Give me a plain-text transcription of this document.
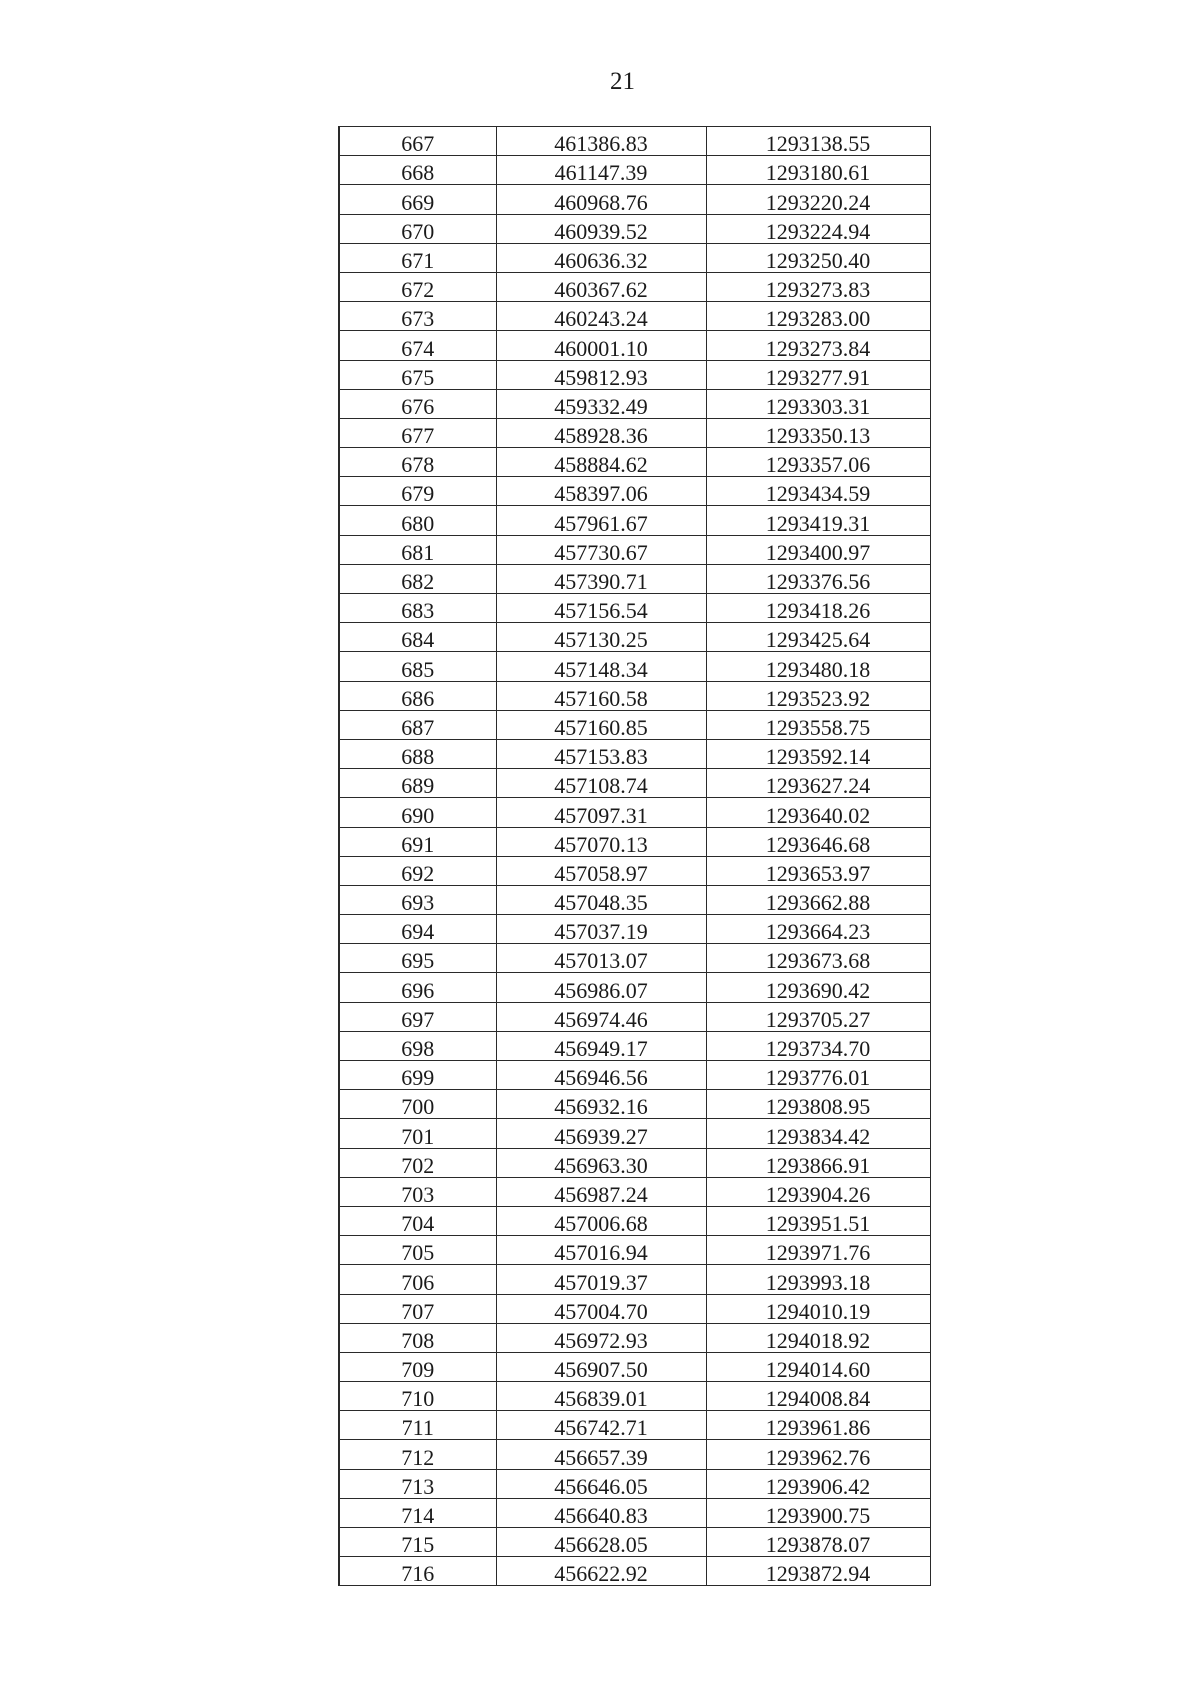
21
667	461386.83	1293138.55
668	461147.39	1293180.61
669	460968.76	1293220.24
670	460939.52	1293224.94
671	460636.32	1293250.40
672	460367.62	1293273.83
673	460243.24	1293283.00
674	460001.10	1293273.84
675	459812.93	1293277.91
676	459332.49	1293303.31
677	458928.36	1293350.13
678	458884.62	1293357.06
679	458397.06	1293434.59
680	457961.67	1293419.31
681	457730.67	1293400.97
682	457390.71	1293376.56
683	457156.54	1293418.26
684	457130.25	1293425.64
685	457148.34	1293480.18
686	457160.58	1293523.92
687	457160.85	1293558.75
688	457153.83	1293592.14
689	457108.74	1293627.24
690	457097.31	1293640.02
691	457070.13	1293646.68
692	457058.97	1293653.97
693	457048.35	1293662.88
694	457037.19	1293664.23
695	457013.07	1293673.68
696	456986.07	1293690.42
697	456974.46	1293705.27
698	456949.17	1293734.70
699	456946.56	1293776.01
700	456932.16	1293808.95
701	456939.27	1293834.42
702	456963.30	1293866.91
703	456987.24	1293904.26
704	457006.68	1293951.51
705	457016.94	1293971.76
706	457019.37	1293993.18
707	457004.70	1294010.19
708	456972.93	1294018.92
709	456907.50	1294014.60
710	456839.01	1294008.84
711	456742.71	1293961.86
712	456657.39	1293962.76
713	456646.05	1293906.42
714	456640.83	1293900.75
715	456628.05	1293878.07
716	456622.92	1293872.94
